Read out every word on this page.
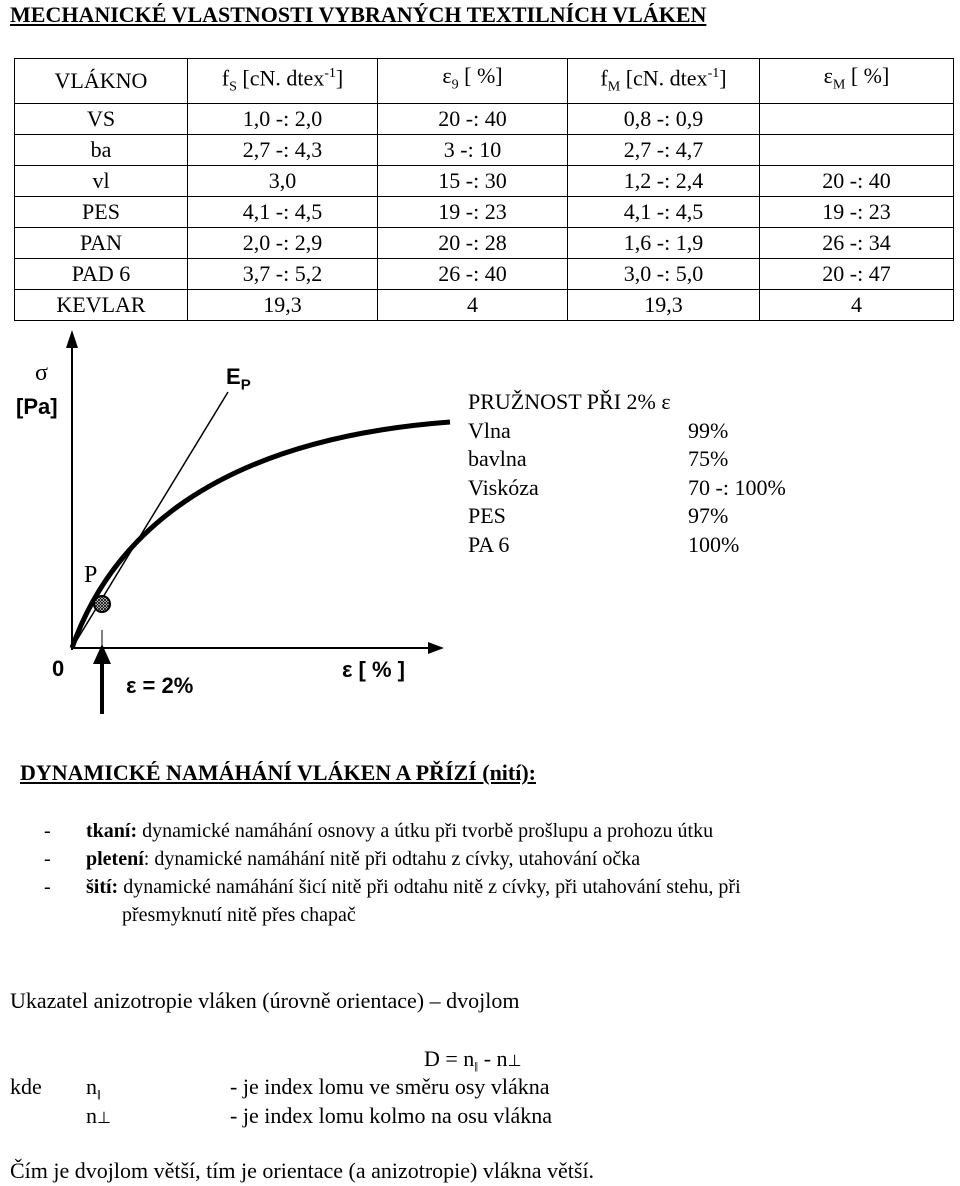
MECHANICKÉ VLASTNOSTI VYBRANÝCH TEXTILNÍCH VLÁKEN
VLÁKNO	$f_S$ [cN. dtex$^{-1}$]	$\varepsilon_9$ [ %]	$f_M$ [cN. dtex$^{-1}$]	$\varepsilon_M$ [ %]
VS	1,0 -: 2,0	20 -: 40	0,8 -: 0,9	
ba	2,7 -: 4,3	3 -: 10	2,7 -: 4,7	
vl	3,0	15 -: 30	1,2 -: 2,4	20 -: 40
PES	4,1 -: 4,5	19 -: 23	4,1 -: 4,5	19 -: 23
PAN	2,0 -: 2,9	20 -: 28	1,6 -: 1,9	26 -: 34
PAD 6	3,7 -: 5,2	26 -: 40	3,0 -: 5,0	20 -: 47
KEVLAR	19,3	4	19,3	4
σ
[Pa]
$E_P$
P
0
ε = 2%
ε [ % ]
PRUŽNOST PŘI 2% ε
Vlna	99%
bavlna	75%
Viskóza	70 -: 100%
PES	97%
PA 6	100%
DYNAMICKÉ NAMÁHÁNÍ VLÁKEN A PŘÍZÍ (nití):
- tkaní: dynamické namáhání osnovy a útku při tvorbě prošlupu a prohozu útku
- pletení: dynamické namáhání nitě při odtahu z cívky, utahování očka
- šití: dynamické namáhání šicí nitě při odtahu nitě z cívky, při utahování stehu, při
přesmyknutí nitě přes chapač
Ukazatel anizotropie vláken (úrovně orientace) – dvojlom
$D = n_‖$ - n⊥
kde $n_‖$	- je index lomu ve směru osy vlákna
n⊥	- je index lomu kolmo na osu vlákna
Čím je dvojlom větší, tím je orientace (a anizotropie) vlákna větší.
